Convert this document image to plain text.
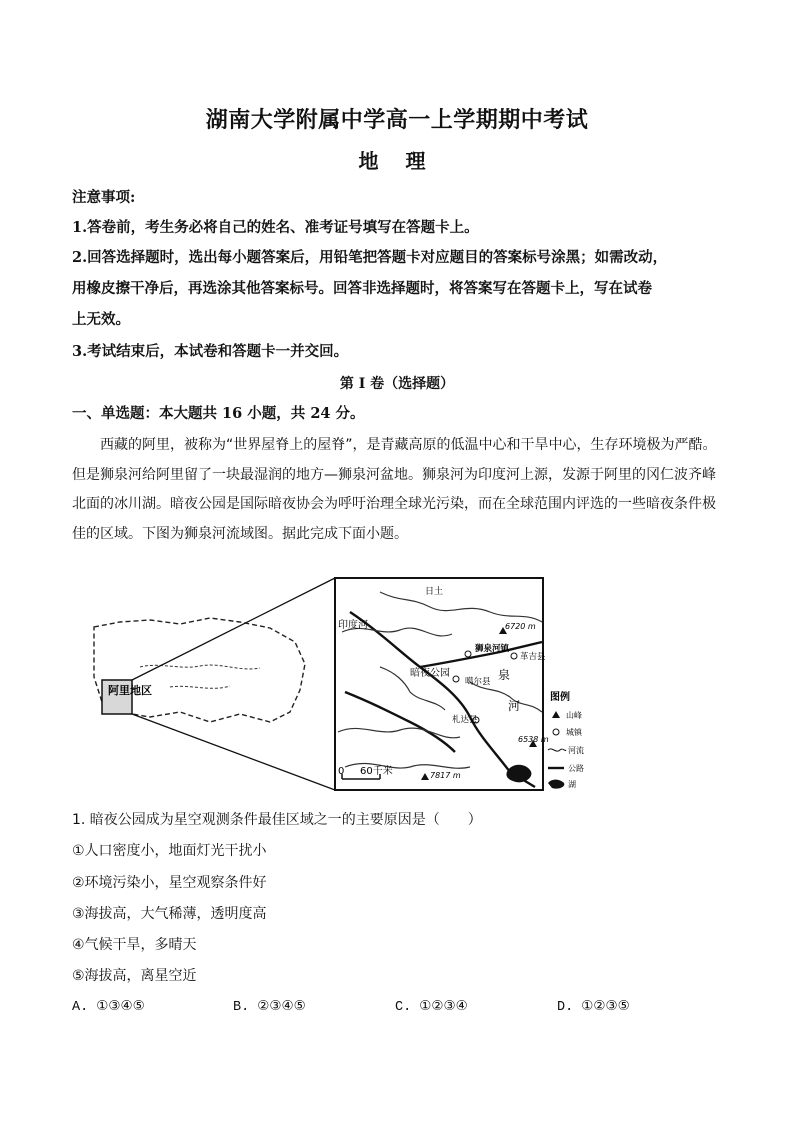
湖南大学附属中学高一上学期期中考试
地 理
注意事项:
1.答卷前，考生务必将自己的姓名、准考证号填写在答题卡上。
2.回答选择题时，选出每小题答案后，用铅笔把答题卡对应题目的答案标号涂黑；如需改动，
用橡皮擦干净后，再选涂其他答案标号。回答非选择题时，将答案写在答题卡上，写在试卷
上无效。
3.考试结束后，本试卷和答题卡一并交回。
第 I 卷（选择题）
一、单选题：本大题共 16 小题，共 24 分。

西藏的阿里，被称为“世界屋脊上的屋脊”，是青藏高原的低温中心和干旱中心，生存环境极为严酷。

但是狮泉河给阿里留了一块最湿润的地方—狮泉河盆地。狮泉河为印度河上源，发源于阿里的冈仁波齐峰

北面的冰川湖。暗夜公园是国际暗夜协会为呼吁治理全球光污染，而在全球范围内评选的一些暗夜条件极

佳的区域。下图为狮泉河流域图。据此完成下面小题。

阿里地区
印度河
日土
6720 m
狮泉河镇
革吉县
暗夜公园
噶尔县 泉
河
札达县
6538 m
7817 m
0 60千米
图例
山峰
城镇
河流
公路
湖
1. 暗夜公园成为星空观测条件最佳区域之一的主要原因是（　　）
①人口密度小，地面灯光干扰小
②环境污染小，星空观察条件好
③海拔高，大气稀薄，透明度高
④气候干旱，多晴天
⑤海拔高，离星空近
A. ①③④⑤	B. ②③④⑤	C. ①②③④	D. ①②③⑤
